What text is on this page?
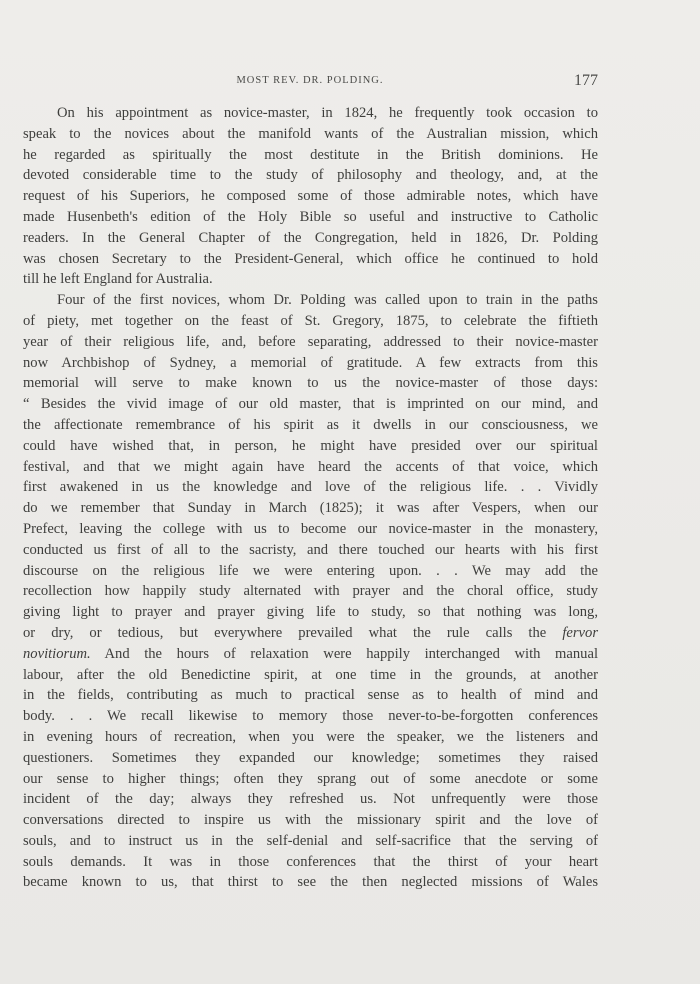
MOST REV. DR. POLDING.	177
On his appointment as novice-master, in 1824, he frequently took occasion to
speak to the novices about the manifold wants of the Australian mission, which
he regarded as spiritually the most destitute in the British dominions. He
devoted considerable time to the study of philosophy and theology, and, at the
request of his Superiors, he composed some of those admirable notes, which have
made Husenbeth's edition of the Holy Bible so useful and instructive to Catholic
readers. In the General Chapter of the Congregation, held in 1826, Dr. Polding
was chosen Secretary to the President-General, which office he continued to hold
till he left England for Australia.
Four of the first novices, whom Dr. Polding was called upon to train in the paths
of piety, met together on the feast of St. Gregory, 1875, to celebrate the fiftieth
year of their religious life, and, before separating, addressed to their novice-master
now Archbishop of Sydney, a memorial of gratitude. A few extracts from this
memorial will serve to make known to us the novice-master of those days:
“ Besides the vivid image of our old master, that is imprinted on our mind, and
the affectionate remembrance of his spirit as it dwells in our consciousness, we
could have wished that, in person, he might have presided over our spiritual
festival, and that we might again have heard the accents of that voice, which
first awakened in us the knowledge and love of the religious life. . . Vividly
do we remember that Sunday in March (1825); it was after Vespers, when our
Prefect, leaving the college with us to become our novice-master in the monastery,
conducted us first of all to the sacristy, and there touched our hearts with his first
discourse on the religious life we were entering upon. . . We may add the
recollection how happily study alternated with prayer and the choral office, study
giving light to prayer and prayer giving life to study, so that nothing was long,
or dry, or tedious, but everywhere prevailed what the rule calls the fervor
novitiorum. And the hours of relaxation were happily interchanged with manual
labour, after the old Benedictine spirit, at one time in the grounds, at another
in the fields, contributing as much to practical sense as to health of mind and
body. . . We recall likewise to memory those never-to-be-forgotten conferences
in evening hours of recreation, when you were the speaker, we the listeners and
questioners. Sometimes they expanded our knowledge; sometimes they raised
our sense to higher things; often they sprang out of some anecdote or some
incident of the day; always they refreshed us. Not unfrequently were those
conversations directed to inspire us with the missionary spirit and the love of
souls, and to instruct us in the self-denial and self-sacrifice that the serving of
souls demands. It was in those conferences that the thirst of your heart
became known to us, that thirst to see the then neglected missions of Wales
